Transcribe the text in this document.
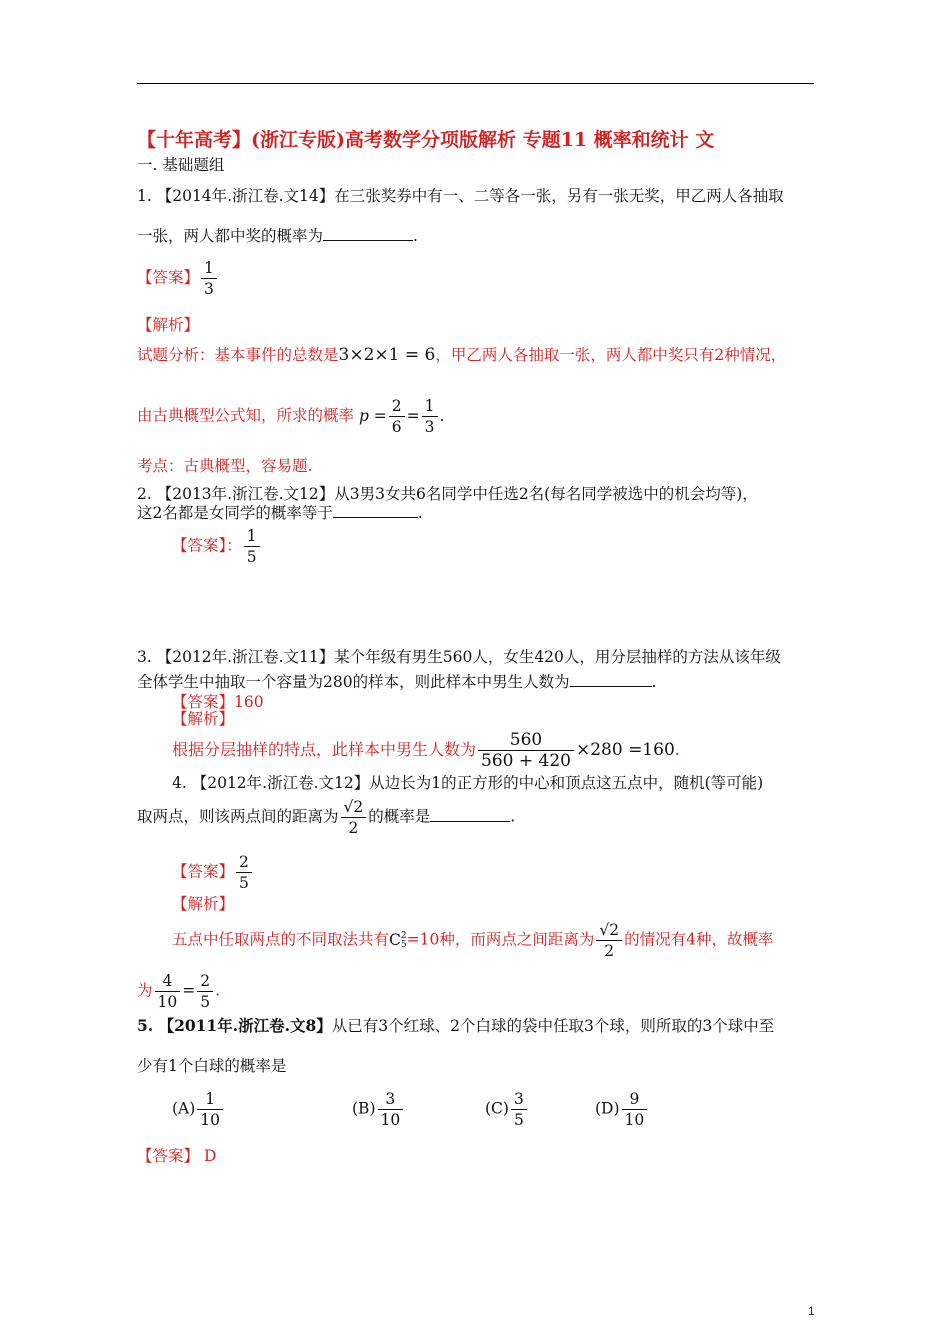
【十年高考】(浙江专版)高考数学分项版解析 专题11 概率和统计 文
一. 基础题组
1. 【2014年.浙江卷.文14】在三张奖券中有一、二等各一张，另有一张无奖，甲乙两人各抽取
一张，两人都中奖的概率为	.
【答案】 $\frac{1}{3}$
【解析】
试题分析：基本事件的总数是3×2×1 = 6，甲乙两人各抽取一张，两人都中奖只有2种情况，
由古典概型公式知，所求的概率 $p = \frac{2}{6} = \frac{1}{3}$ .
考点：古典概型，容易题.
2. 【2013年.浙江卷.文12】从3男3女共6名同学中任选2名(每名同学被选中的机会均等)，
这2名都是女同学的概率等于	.
【答案】： $\frac{1}{5}$
3. 【2012年.浙江卷.文11】某个年级有男生560人，女生420人，用分层抽样的方法从该年级
全体学生中抽取一个容量为280的样本，则此样本中男生人数为	.
【答案】160
【解析】
根据分层抽样的特点，此样本中男生人数为 $\frac{560}{560 + 420} \times 280 =160$.
4. 【2012年.浙江卷.文12】从边长为1的正方形的中心和顶点这五点中，随机(等可能)
取两点，则该两点间的距离为 $\frac{√2}{2}$ 的概率是	.
【答案】 $\frac{2}{5}$
【解析】
五点中任取两点的不同取法共有C 2
5 =10种，而两点之间距离为 $\frac{√2}{2}$ 的情况有4种，故概率
为 $\frac{4}{10} = \frac{2}{5}$ .
5. 【2011年.浙江卷.文8】从已有3个红球、2个白球的袋中任取3个球，则所取的3个球中至
少有1个白球的概率是
$(A) \frac{1}{10}$	$(B) \frac{3}{10}$	$(C) \frac{3}{5}$	$(D) \frac{9}{10}$
【答案】 D
1
